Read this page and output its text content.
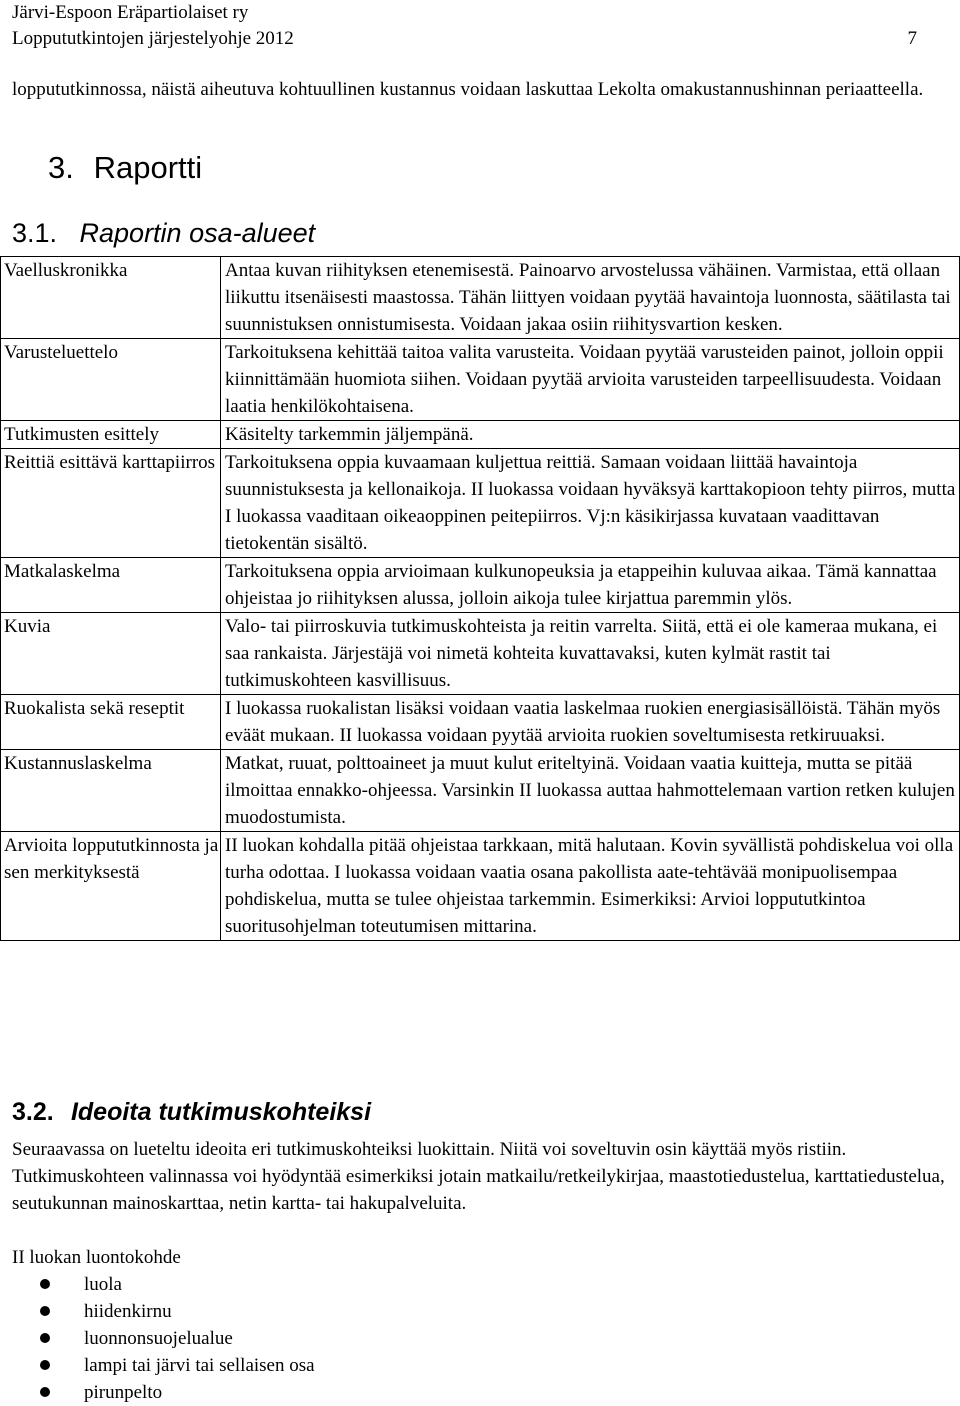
Järvi-Espoon Eräpartiolaiset ry
Loppututkintojen järjestelyohje 2012	7
loppututkinnossa, näistä aiheutuva kohtuullinen kustannus voidaan laskuttaa Lekolta omakustannushinnan periaatteella.
3. Raportti
3.1. Raportin osa-alueet
Vaelluskronikka	Antaa kuvan riihityksen etenemisestä. Painoarvo arvostelussa vähäinen. Varmistaa, että ollaan liikuttu itsenäisesti maastossa. Tähän liittyen voidaan pyytää havaintoja luonnosta, säätilasta tai suunnistuksen onnistumisesta. Voidaan jakaa osiin riihitysvartion kesken.
Varusteluettelo	Tarkoituksena kehittää taitoa valita varusteita. Voidaan pyytää varusteiden painot, jolloin oppii kiinnittämään huomiota siihen. Voidaan pyytää arvioita varusteiden tarpeellisuudesta. Voidaan laatia henkilökohtaisena.
Tutkimusten esittely	Käsitelty tarkemmin jäljempänä.
Reittiä esittävä karttapiirros	Tarkoituksena oppia kuvaamaan kuljettua reittiä. Samaan voidaan liittää havaintoja suunnistuksesta ja kellonaikoja. II luokassa voidaan hyväksyä karttakopioon tehty piirros, mutta I luokassa vaaditaan oikeaoppinen peitepiirros. Vj:n käsikirjassa kuvataan vaadittavan tietokentän sisältö.
Matkalaskelma	Tarkoituksena oppia arvioimaan kulkunopeuksia ja etappeihin kuluvaa aikaa. Tämä kannattaa ohjeistaa jo riihityksen alussa, jolloin aikoja tulee kirjattua paremmin ylös.
Kuvia	Valo- tai piirroskuvia tutkimuskohteista ja reitin varrelta. Siitä, että ei ole kameraa mukana, ei saa rankaista. Järjestäjä voi nimetä kohteita kuvattavaksi, kuten kylmät rastit tai tutkimuskohteen kasvillisuus.
Ruokalista sekä reseptit	I luokassa ruokalistan lisäksi voidaan vaatia laskelmaa ruokien energiasisällöistä. Tähän myös eväät mukaan. II luokassa voidaan pyytää arvioita ruokien soveltumisesta retkiruuaksi.
Kustannuslaskelma	Matkat, ruuat, polttoaineet ja muut kulut eriteltyinä. Voidaan vaatia kuitteja, mutta se pitää ilmoittaa ennakko-ohjeessa. Varsinkin II luokassa auttaa hahmottelemaan vartion retken kulujen muodostumista.
Arvioita loppututkinnosta ja sen merkityksestä	II luokan kohdalla pitää ohjeistaa tarkkaan, mitä halutaan. Kovin syvällistä pohdiskelua voi olla turha odottaa. I luokassa voidaan vaatia osana pakollista aate-tehtävää monipuolisempaa pohdiskelua, mutta se tulee ohjeistaa tarkemmin. Esimerkiksi: Arvioi loppututkintoa suoritusohjelman toteutumisen mittarina.
3.2. Ideoita tutkimuskohteiksi
Seuraavassa on lueteltu ideoita eri tutkimuskohteiksi luokittain. Niitä voi soveltuvin osin käyttää myös ristiin. Tutkimuskohteen valinnassa voi hyödyntää esimerkiksi jotain matkailu/retkeilykirjaa, maastotiedustelua, karttatiedustelua, seutukunnan mainoskarttaa, netin kartta- tai hakupalveluita.
II luokan luontokohde
luola
hiidenkirnu
luonnonsuojelualue
lampi tai järvi tai sellaisen osa
pirunpelto
